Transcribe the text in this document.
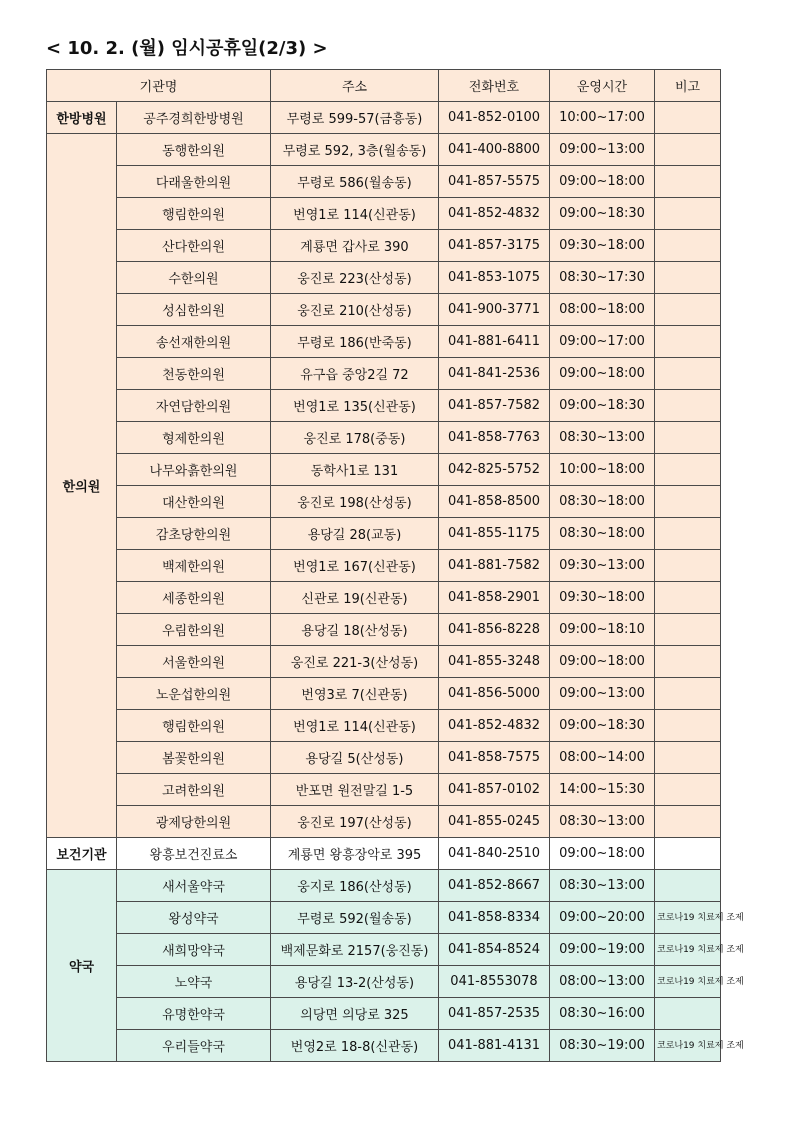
< 10. 2. (월) 임시공휴일(2/3) >
기관명		주소	전화번호	운영시간	비고
한방병원	공주경희한방병원	무령로 599-57(금흥동)	041-852-0100	10:00~17:00	
한의원	동행한의원	무령로 592, 3층(월송동)	041-400-8800	09:00~13:00	
	다래울한의원	무령로 586(월송동)	041-857-5575	09:00~18:00	
	행림한의원	번영1로 114(신관동)	041-852-4832	09:00~18:30	
	산다한의원	계룡면 갑사로 390	041-857-3175	09:30~18:00	
	수한의원	웅진로 223(산성동)	041-853-1075	08:30~17:30	
	성심한의원	웅진로 210(산성동)	041-900-3771	08:00~18:00	
	송선재한의원	무령로 186(반죽동)	041-881-6411	09:00~17:00	
	천동한의원	유구읍 중앙2길 72	041-841-2536	09:00~18:00	
	자연담한의원	번영1로 135(신관동)	041-857-7582	09:00~18:30	
	형제한의원	웅진로 178(중동)	041-858-7763	08:30~13:00	
	나무와흙한의원	동학사1로 131	042-825-5752	10:00~18:00	
	대산한의원	웅진로 198(산성동)	041-858-8500	08:30~18:00	
	감초당한의원	용당길 28(교동)	041-855-1175	08:30~18:00	
	백제한의원	번영1로 167(신관동)	041-881-7582	09:30~13:00	
	세종한의원	신관로 19(신관동)	041-858-2901	09:30~18:00	
	우림한의원	용당길 18(산성동)	041-856-8228	09:00~18:10	
	서울한의원	웅진로 221-3(산성동)	041-855-3248	09:00~18:00	
	노운섭한의원	번영3로 7(신관동)	041-856-5000	09:00~13:00	
	행림한의원	번영1로 114(신관동)	041-852-4832	09:00~18:30	
	봄꽃한의원	용당길 5(산성동)	041-858-7575	08:00~14:00	
	고려한의원	반포면 원전말길 1-5	041-857-0102	14:00~15:30	
	광제당한의원	웅진로 197(산성동)	041-855-0245	08:30~13:00	
보건기관	왕흥보건진료소	계룡면 왕흥장악로 395	041-840-2510	09:00~18:00	
약국	새서울약국	웅지로 186(산성동)	041-852-8667	08:30~13:00	
	왕성약국	무령로 592(월송동)	041-858-8334	09:00~20:00	코로나19 치료제 조제
	새희망약국	백제문화로 2157(웅진동)	041-854-8524	09:00~19:00	코로나19 치료제 조제
	노약국	용당길 13-2(산성동)	041-8553078	08:00~13:00	코로나19 치료제 조제
	유명한약국	의당면 의당로 325	041-857-2535	08:30~16:00	
	우리들약국	번영2로 18-8(신관동)	041-881-4131	08:30~19:00	코로나19 치료제 조제
